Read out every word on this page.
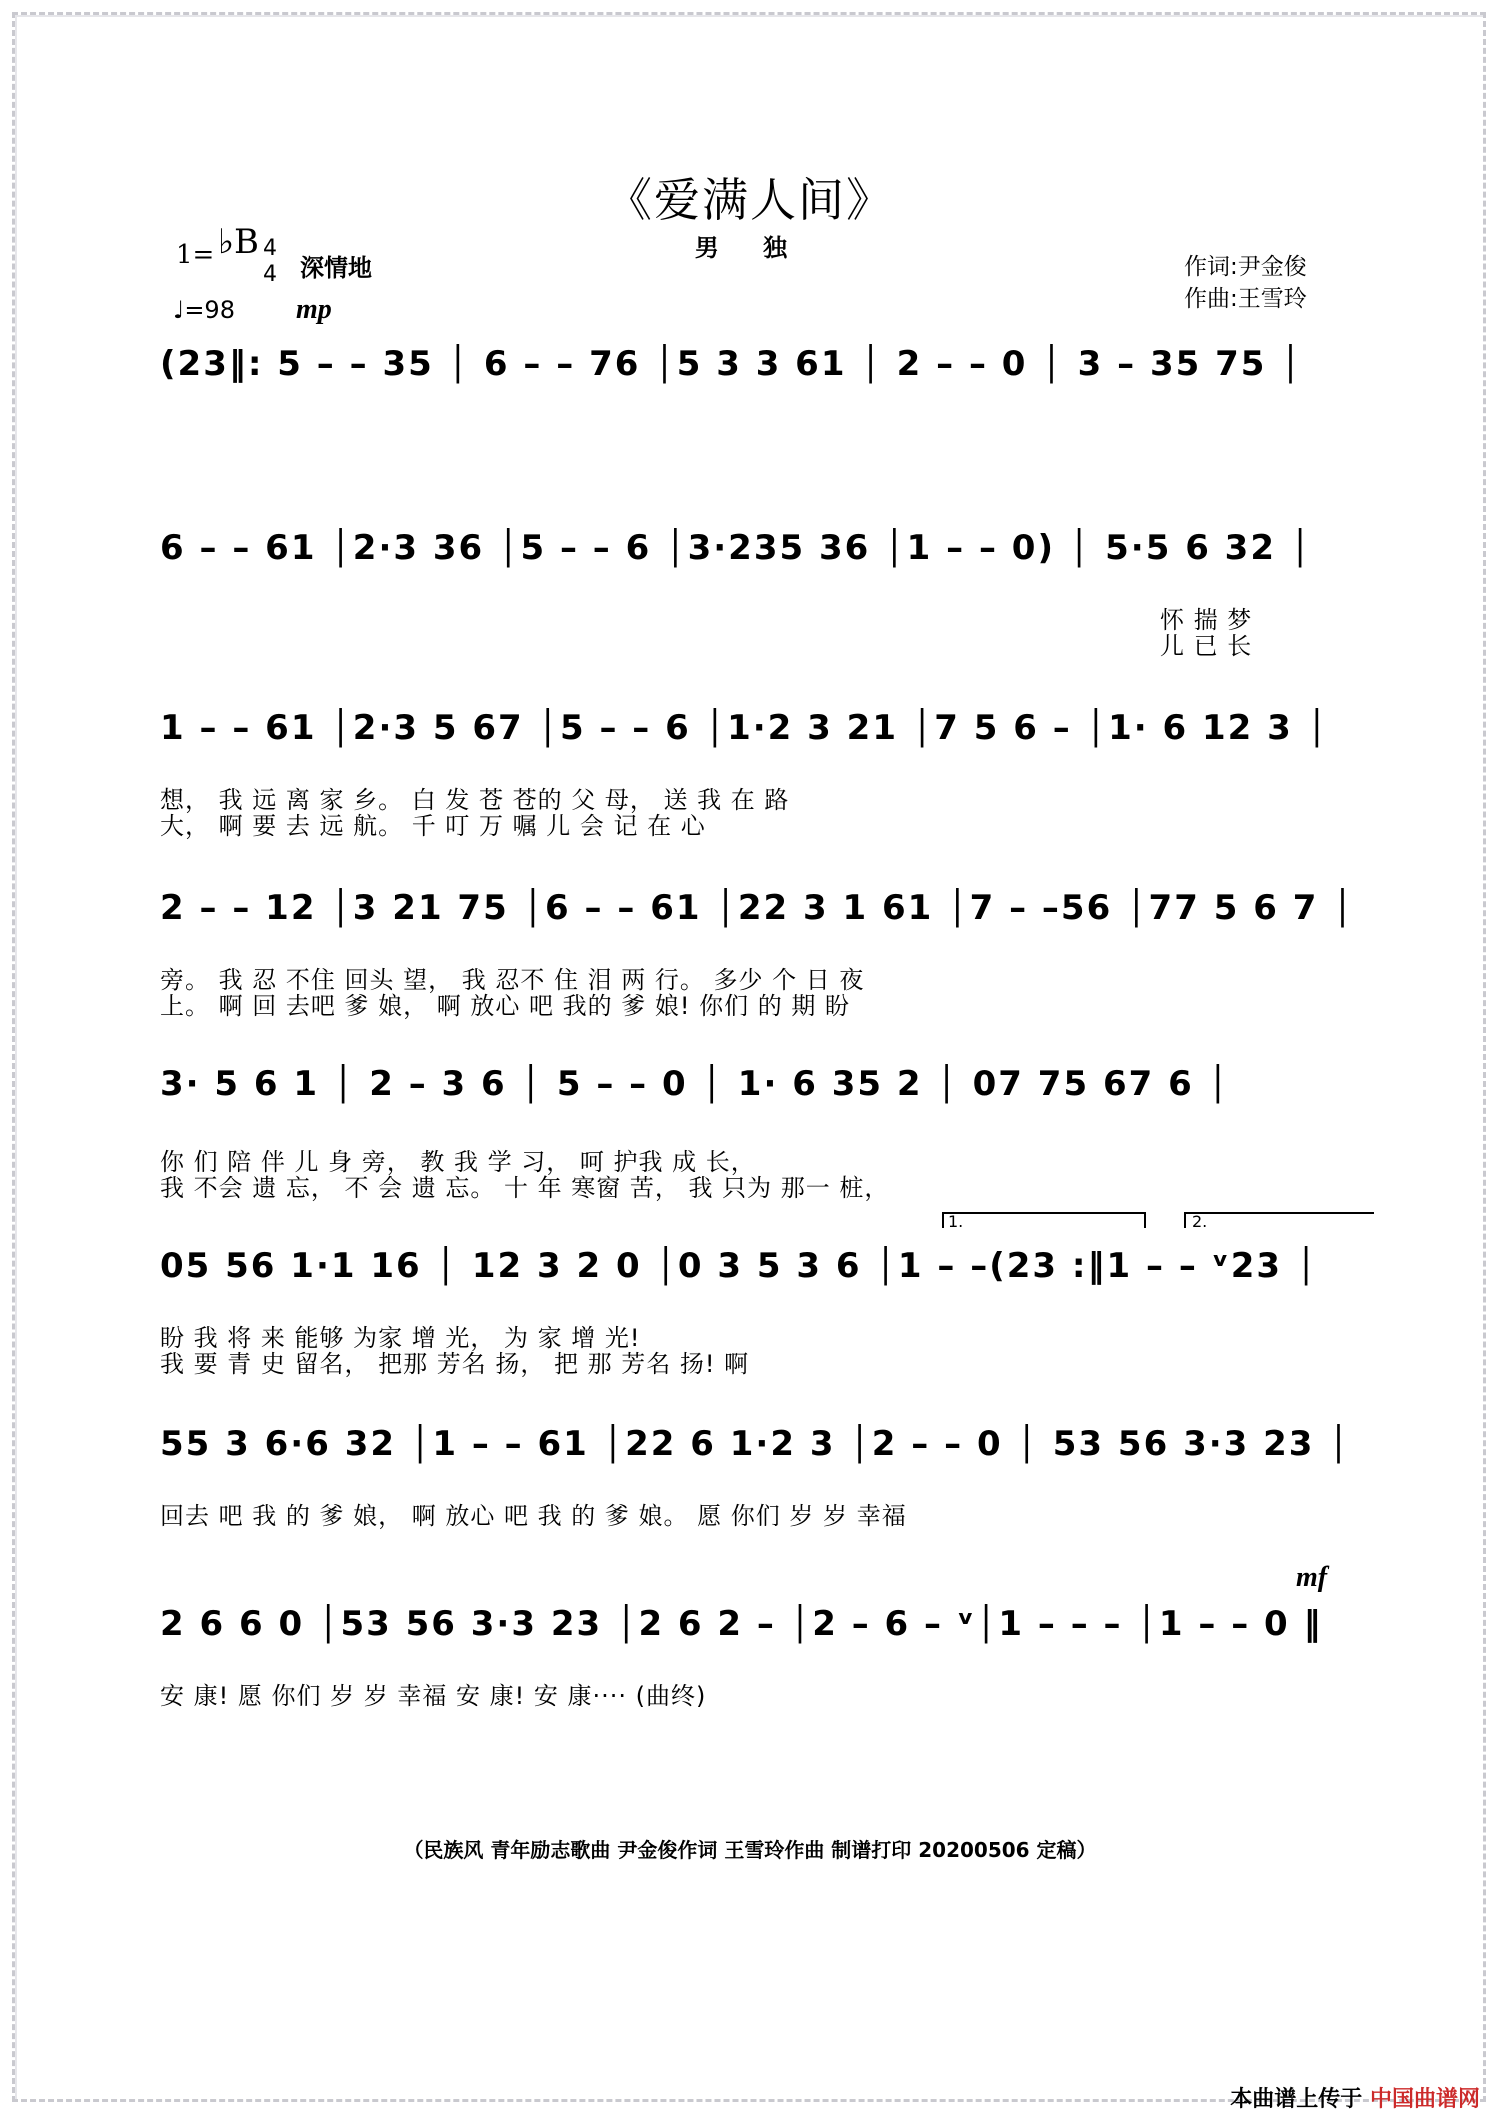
《爱满人间》
男 独
1= ♭B 4
4 深情地
♩=98 mp
作词:尹金俊
作曲:王雪玲
(23‖: 5 – – 35 │ 6 – – 76 │5 3 3 61 │ 2 – – 0 │ 3 – 35 75 │
6 – – 61 │2·3 36 │5 – – 6 │3·235 36 │1 – – 0) │ 5·5 6 32 │
怀 揣 梦
儿 已 长
1 – – 61 │2·3 5 67 │5 – – 6 │1·2 3 21 │7 5 6 – │1· 6 12 3 │
想， 我 远 离 家 乡。 白 发 苍 苍的 父 母， 送 我 在 路
大， 啊 要 去 远 航。 千 叮 万 嘱 儿 会 记 在 心
2 – – 12 │3 21 75 │6 – – 61 │22 3 1 61 │7 – –56 │77 5 6 7 │
旁。 我 忍 不住 回头 望， 我 忍不 住 泪 两 行。 多少 个 日 夜
上。 啊 回 去吧 爹 娘， 啊 放心 吧 我的 爹 娘! 你们 的 期 盼
3· 5 6 1 │ 2 – 3 6 │ 5 – – 0 │ 1· 6 35 2 │ 07 75 67 6 │
你 们 陪 伴 儿 身 旁， 教 我 学 习， 呵 护我 成 长，
我 不会 遗 忘， 不 会 遗 忘。 十 年 寒窗 苦， 我 只为 那一 桩，
1.	2.
05 56 1·1 16 │ 12 3 2 0 │0 3 5 3 6 │1 – –(23 :‖1 – – ᵛ23 │
盼 我 将 来 能够 为家 增 光， 为 家 增 光!
我 要 青 史 留名， 把那 芳名 扬， 把 那 芳名 扬! 啊
55 3 6·6 32 │1 – – 61 │22 6 1·2 3 │2 – – 0 │ 53 56 3·3 23 │
回去 吧 我 的 爹 娘， 啊 放心 吧 我 的 爹 娘。 愿 你们 岁 岁 幸福
mf
2 6 6 0 │53 56 3·3 23 │2 6 2 – │2 – 6 – ᵛ│1 – – – │1 – – 0 ‖
安 康! 愿 你们 岁 岁 幸福 安 康! 安 康···· (曲终)
（民族风 青年励志歌曲 尹金俊作词 王雪玲作曲 制谱打印 20200506 定稿）
本曲谱上传于 中国曲谱网
